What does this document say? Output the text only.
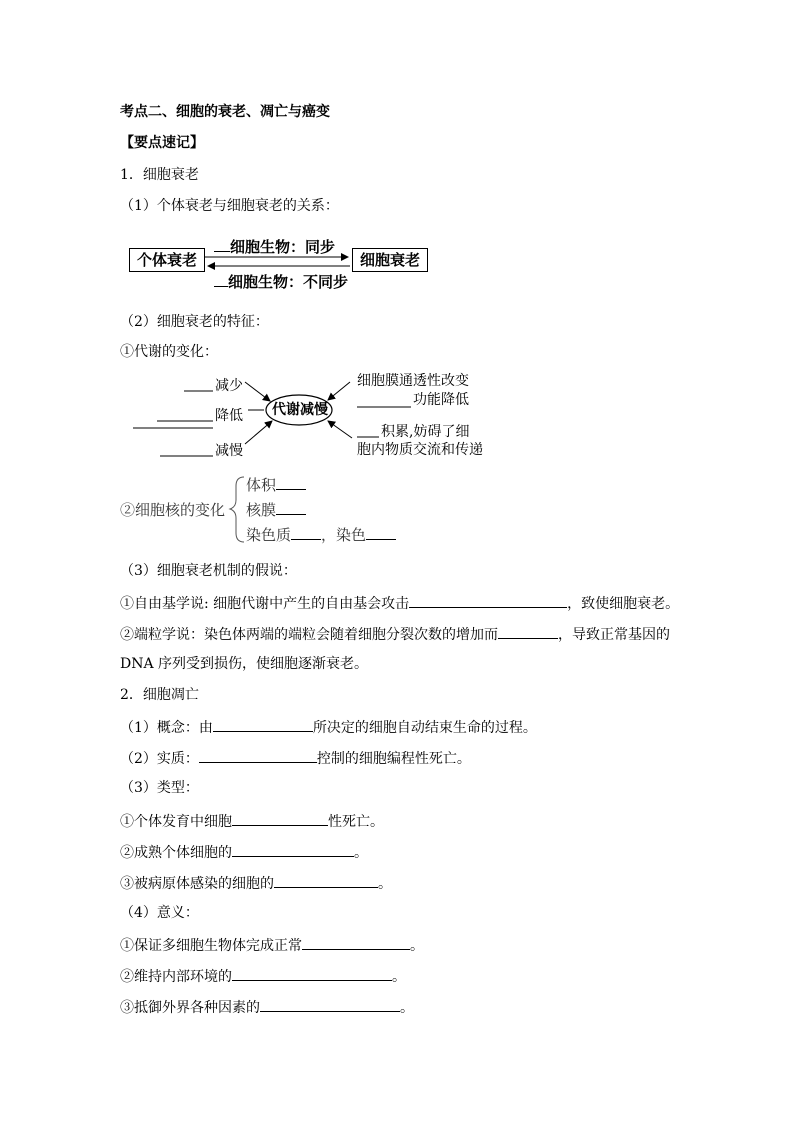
考点二、细胞的衰老、凋亡与癌变
【要点速记】
1．细胞衰老
（1）个体衰老与细胞衰老的关系：
个体衰老	细胞衰老
细胞生物：同步
细胞生物：不同步
（2）细胞衰老的特征：
①代谢的变化：
代谢减慢
减少
降低
减慢
细胞膜通透性改变
功能降低
积累,妨碍了细
胞内物质交流和传递
②细胞核的变化
体积
核膜
染色质 ，染色
（3）细胞衰老机制的假说：
①自由基学说: 细胞代谢中产生的自由基会攻击	，致使细胞衰老。
②端粒学说：染色体两端的端粒会随着细胞分裂次数的增加而	，导致正常基因的
DNA 序列受到损伤，使细胞逐渐衰老。
2．细胞凋亡
（1）概念：由	所决定的细胞自动结束生命的过程。
（2）实质：	控制的细胞编程性死亡。
（3）类型：
①个体发育中细胞	性死亡。
②成熟个体细胞的	。
③被病原体感染的细胞的	。
（4）意义：
①保证多细胞生物体完成正常	。
②维持内部环境的	。
③抵御外界各种因素的	。
